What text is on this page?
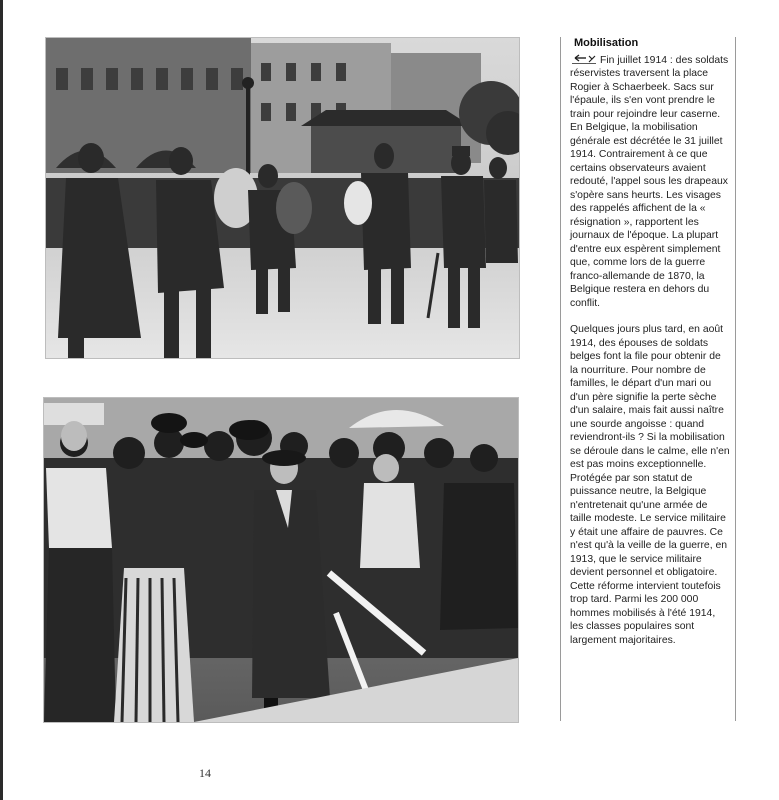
Mobilisation

Fin juillet 1914 : des soldats réservistes traversent la place Rogier à Schaerbeek. Sacs sur l'épaule, ils s'en vont prendre le train pour rejoindre leur caserne. En Belgique, la mobilisation générale est décrétée le 31 juillet 1914. Contrairement à ce que certains observateurs avaient redouté, l'appel sous les drapeaux s'opère sans heurts. Les visages des rappelés affichent de la « résignation », rapportent les journaux de l'époque. La plupart d'entre eux espèrent simplement que, comme lors de la guerre franco-allemande de 1870, la Belgique restera en dehors du conflit.

Quelques jours plus tard, en août 1914, des épouses de soldats belges font la file pour obtenir de la nourriture. Pour nombre de familles, le départ d'un mari ou d'un père signifie la perte sèche d'un salaire, mais fait aussi naître une sourde angoisse : quand reviendront-ils ? Si la mobilisation se déroule dans le calme, elle n'en est pas moins exceptionnelle. Protégée par son statut de puissance neutre, la Belgique n'entretenait qu'une armée de taille modeste. Le service militaire y était une affaire de pauvres. Ce n'est qu'à la veille de la guerre, en 1913, que le service militaire devient personnel et obligatoire. Cette réforme intervient toutefois trop tard. Parmi les 200 000 hommes mobilisés à l'été 1914, les classes populaires sont largement majoritaires.

14
